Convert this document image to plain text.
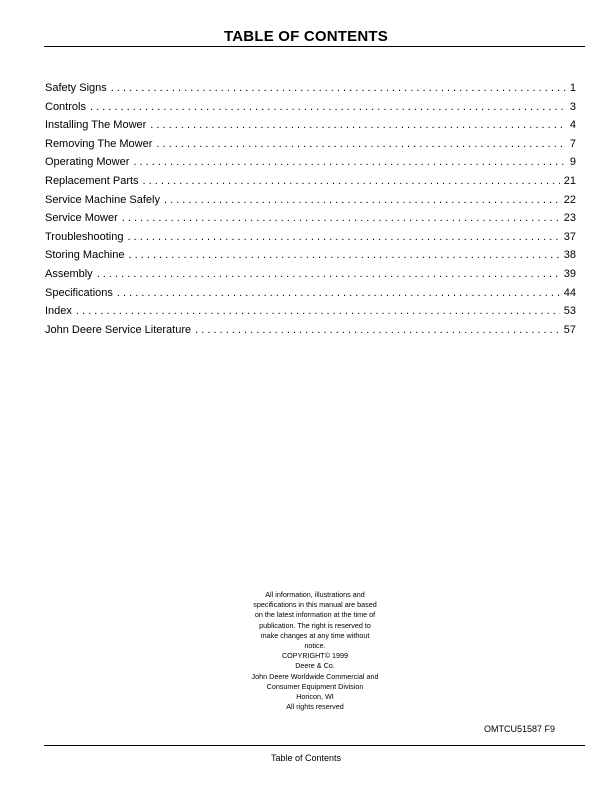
TABLE OF CONTENTS
Safety Signs . . .	1
Controls . . .	3
Installing The Mower . . .	4
Removing The Mower . . .	7
Operating Mower . . .	9
Replacement Parts . . .	21
Service Machine Safely . . .	22
Service Mower . . .	23
Troubleshooting . . .	37
Storing Machine . . .	38
Assembly . . .	39
Specifications . . .	44
Index . . .	53
John Deere Service Literature . . .	57
All information, illustrations and
specifications in this manual are based
on the latest information at the time of
publication. The right is reserved to
make changes at any time without
notice.
COPYRIGHT© 1999
Deere & Co.
John Deere Worldwide Commercial and
Consumer Equipment Division
Horicon, WI
All rights reserved
OMTCU51587 F9
Table of Contents
